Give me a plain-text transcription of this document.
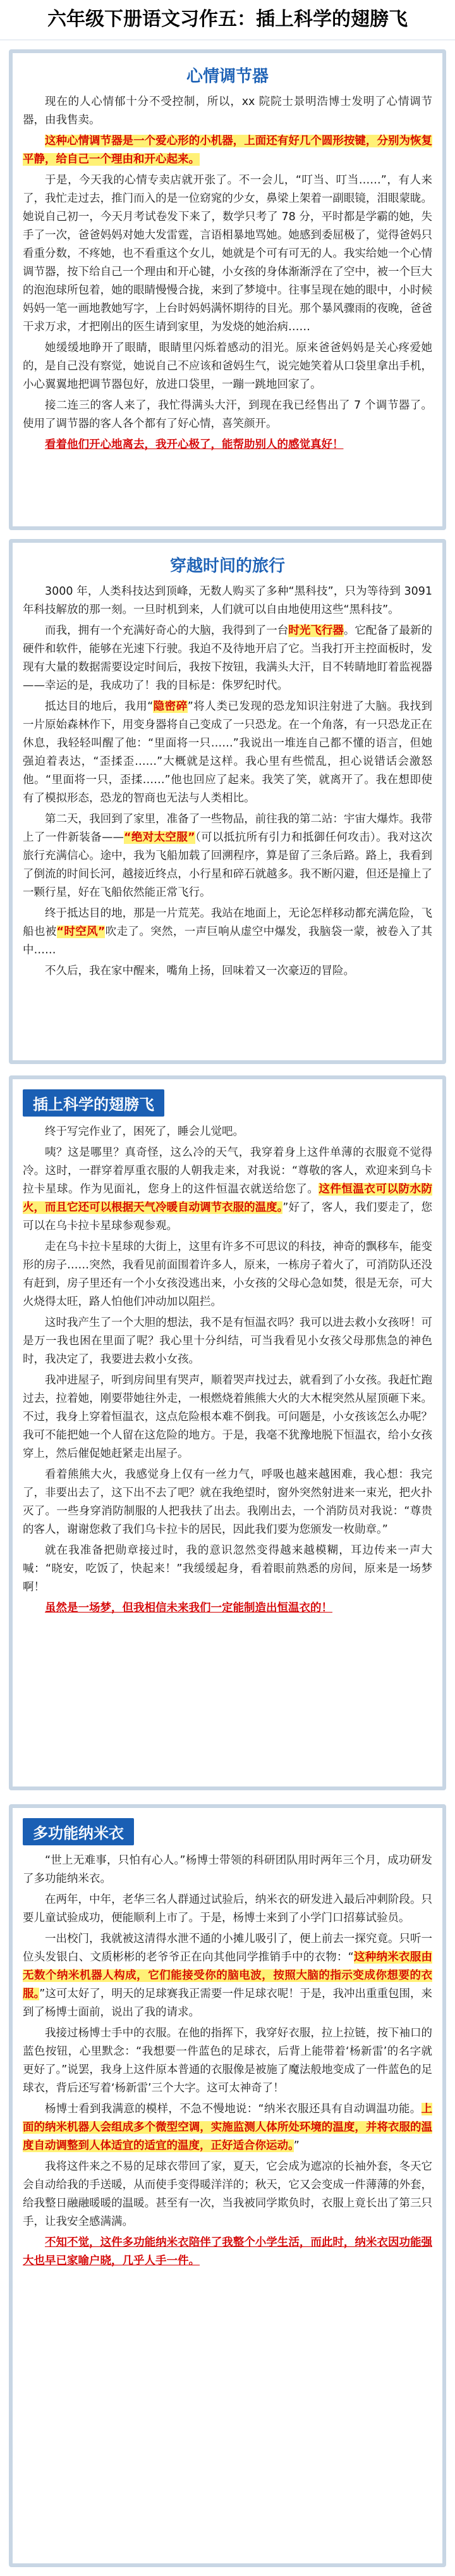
六年级下册语文习作五：插上科学的翅膀飞
心情调节器

现在的人心情郁十分不受控制，所以，xx 院院士景明浩博士发明了心情调节器，由我售卖。

这种心情调节器是一个爱心形的小机器，上面还有好几个圆形按键，分别为恢复平静，给自己一个理由和开心起来。

于是，今天我的心情专卖店就开张了。不一会儿，“叮当、叮当……”，有人来了，我忙走过去，推门而入的是一位窈窕的少女，鼻梁上架着一副眼镜，泪眼蒙眬。她说自己初一，今天月考试卷发下来了，数学只考了 78 分，平时都是学霸的她，失手了一次，爸爸妈妈对她大发雷霆，言语相暴地骂她。她感到委屈极了，觉得爸妈只看重分数，不疼她，也不看重这个女儿，她就是个可有可无的人。我实给她一个心情调节器，按下给自己一个理由和开心键，小女孩的身体渐渐浮在了空中，被一个巨大的泡泡球所包着，她的眼睛慢慢合拢，来到了梦境中。往事呈现在她的眼中，小时候妈妈一笔一画地教她写字，上台时妈妈满怀期待的目光。那个暴风骤雨的夜晚，爸爸干求万求，才把刚出的医生请到家里，为发烧的她治病……

她缓缓地睁开了眼睛，眼睛里闪烁着感动的泪光。原来爸爸妈妈是关心疼爱她的，是自己没有察觉，她说自己不应该和爸妈生气，说完她笑着从口袋里拿出手机，小心翼翼地把调节器包好，放进口袋里，一蹦一跳地回家了。

接二连三的客人来了，我忙得满头大汗，到现在我已经售出了 7 个调节器了。使用了调节器的客人各个都有了好心情，喜笑颜开。

看着他们开心地离去，我开心极了，能帮助别人的感觉真好！

穿越时间的旅行

3000 年，人类科技达到顶峰，无数人购买了多种“黑科技”，只为等待到 3091 年科技解放的那一刻。一旦时机到来，人们就可以自由地使用这些“黑科技”。

而我，拥有一个充满好奇心的大脑，我得到了一台时光飞行器。它配备了最新的硬件和软件，能够在光速下行驶。我迫不及待地开启了它。当我打开主控面板时，发现有大量的数据需要设定时间后，我按下按钮，我满头大汗，目不转睛地盯着监视器——幸运的是，我成功了！我的目标是：侏罗纪时代。

抵达目的地后，我用“隐密碎”将人类已发现的恐龙知识注射进了大脑。我找到一片原始森林作下，用变身器将自己变成了一只恐龙。在一个角落，有一只恐龙正在休息，我轻轻叫醒了他：“里面将一只……”我说出一堆连自己都不懂的语言，但她强迫着表达，“歪揉歪……”大概就是这样。我心里有些慌乱，担心说错话会激怒他。“里面将一只，歪揉……”他也回应了起来。我笑了笑，就离开了。我在想即使有了模拟形态，恐龙的智商也无法与人类相比。

第二天，我回到了家里，准备了一些物品，前往我的第二站：宇宙大爆炸。我带上了一件新装备——“绝对太空服”（可以抵抗所有引力和抵御任何攻击）。我对这次旅行充满信心。途中，我为飞船加载了回溯程序，算是留了三条后路。路上，我看到了倒流的时间长河，越接近终点，小行星和碎石就越多。我不断闪避，但还是撞上了一颗行星，好在飞船依然能正常飞行。

终于抵达目的地，那是一片荒芜。我站在地面上，无论怎样移动都充满危险，飞船也被“时空风”吹走了。突然，一声巨响从虚空中爆发，我脑袋一蒙，被卷入了其中……

不久后，我在家中醒来，嘴角上扬，回味着又一次豪迈的冒险。

插上科学的翅膀飞

终于写完作业了，困死了，睡会儿觉吧。

咦？这是哪里？真奇怪，这么冷的天气，我穿着身上这件单薄的衣服竟不觉得冷。这时，一群穿着厚重衣服的人朝我走来，对我说：“尊敬的客人，欢迎来到乌卡拉卡星球。作为见面礼，您身上的这件恒温衣就送给您了。这件恒温衣可以防水防火，而且它还可以根据天气冷暖自动调节衣服的温度。”好了，客人，我们要走了，您可以在乌卡拉卡星球参观参观。

走在乌卡拉卡星球的大街上，这里有许多不可思议的科技，神奇的飘移车，能变形的房子……突然，我看见前面围着许多人，原来，一栋房子着火了，可消防队还没有赶到，房子里还有一个小女孩没逃出来，小女孩的父母心急如焚，很是无奈，可大火烧得太旺，路人怕他们冲动加以阻拦。

这时我产生了一个大胆的想法，我不是有恒温衣吗？我可以进去救小女孩呀！可是万一我也困在里面了呢？我心里十分纠结，可当我看见小女孩父母那焦急的神色时，我决定了，我要进去救小女孩。

我冲进屋子，听到房间里有哭声，顺着哭声找过去，就看到了小女孩。我赶忙跑过去，拉着她，刚要带她往外走，一根燃烧着熊熊大火的大木棍突然从屋顶砸下来。不过，我身上穿着恒温衣，这点危险根本难不倒我。可问题是，小女孩该怎么办呢？我可不能把她一个人留在这危险的地方。于是，我毫不犹豫地脱下恒温衣，给小女孩穿上，然后催促她赶紧走出屋子。

看着熊熊大火，我感觉身上仅有一丝力气，呼吸也越来越困难，我心想：我完了，非要出去了，这下出不去了吧？就在我绝望时，窗外突然射进来一束光，把火扑灭了。一些身穿消防制服的人把我扶了出去。我刚出去，一个消防员对我说：“尊贵的客人，谢谢您救了我们乌卡拉卡的居民，因此我们要为您颁发一枚勋章。”

就在我准备把勋章接过时，我的意识忽然变得越来越模糊，耳边传来一声大喊：“晓安，吃饭了，快起来！”我缓缓起身，看着眼前熟悉的房间，原来是一场梦啊！

虽然是一场梦，但我相信未来我们一定能制造出恒温衣的！

多功能纳米衣

“世上无难事，只怕有心人。”杨博士带领的科研团队用时两年三个月，成功研发了多功能纳米衣。

在两年，中年，老华三名人群通过试验后，纳米衣的研发进入最后冲刺阶段。只要儿童试验成功，便能顺利上市了。于是，杨博士来到了小学门口招募试验员。

一出校门，我就被这清得水泄不通的小摊儿吸引了，便上前去一探究竟。只听一位头发银白、文质彬彬的老爷爷正在向其他同学推销手中的衣物：“这种纳米衣服由无数个纳米机器人构成，它们能接受你的脑电波，按照大脑的指示变成你想要的衣服。”这可太好了，明天的足球赛我正需要一件足球衣呢！于是，我冲出重重包围，来到了杨博士面前，说出了我的请求。

我接过杨博士手中的衣服。在他的指挥下，我穿好衣服，拉上拉链，按下袖口的蓝色按钮，心里默念：“我想要一件蓝色的足球衣，后背上能带着‘杨新雷’的名字就更好了。”说罢，我身上这件原本普通的衣服像是被施了魔法般地变成了一件蓝色的足球衣，背后还写着‘杨新雷’三个大字。这可太神奇了！

杨博士看到我满意的模样，不急不慢地说：“纳米衣服还具有自动调温功能。上面的纳米机器人会组成多个微型空调，实施监测人体所处环境的温度，并将衣服的温度自动调整到人体适宜的适宜的温度，正好适合你运动。”

我将这件来之不易的足球衣带回了家，夏天，它会成为遮凉的长袖外套，冬天它会自动给我的手送暖，从而使手变得暖洋洋的；秋天，它又会变成一件薄薄的外套，给我整日融融暖暖的温暖。甚至有一次，当我被同学欺负时，衣服上竟长出了第三只手，让我安全感满满。

不知不觉，这件多功能纳米衣陪伴了我整个小学生活，而此时，纳米衣因功能强大也早已家喻户晓，几乎人手一件。
